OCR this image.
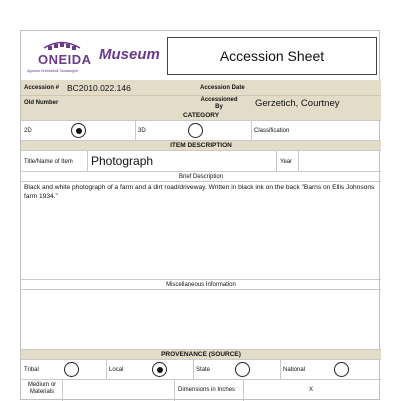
ONEIDA
Agwana·Oneidalindi·Tawwanghe
Museum	Accession Sheet
Accession # BC2010.022.146	Accession Date
Old Number	Accessioned
By	Gerzetich, Courtney
CATEGORY
2D	3D	Classification
ITEM DESCRIPTION
Title/Name of Item Photograph	Year
Brief Description
Black and white photograph of a farm and a dirt road/driveway. Written in black ink on the back "Barns on Ellis Johnsons farm 1934."
Miscellaneous Information
PROVENANCE (SOURCE)
Tribal	Local	State	National
Medium or
Materials	Dimensions in Inches	X
